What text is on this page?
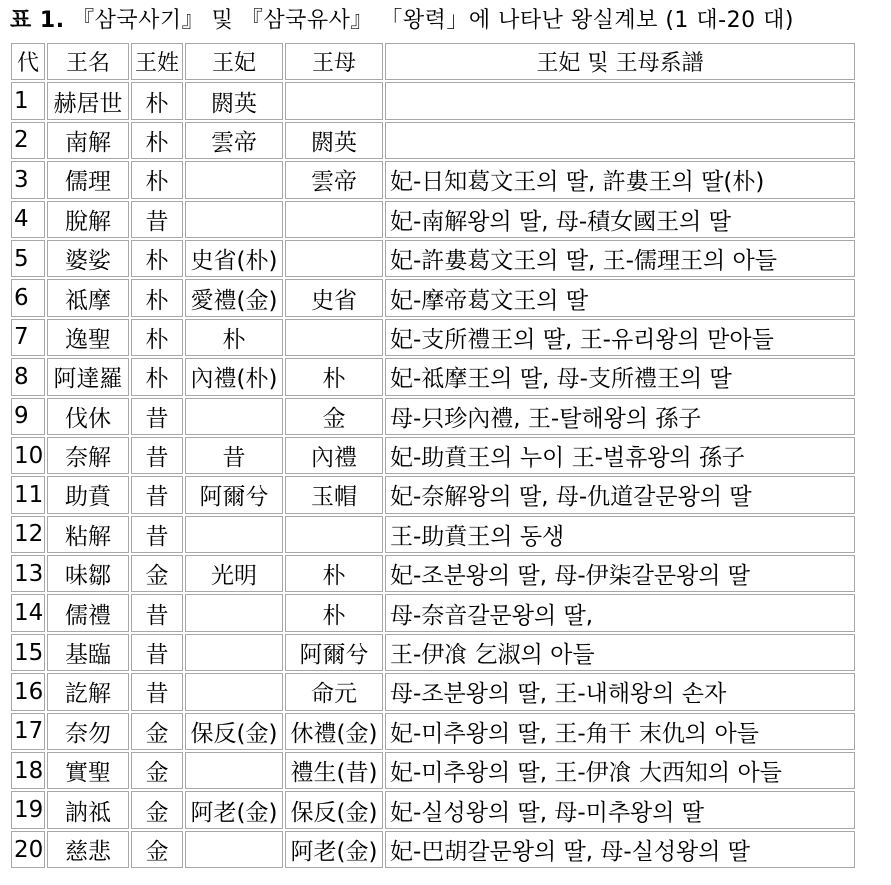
표 1. 『삼국사기』 및 『삼국유사』 「왕력」에 나타난 왕실계보 (1 대-20 대)
代	王名	王姓	王妃	王母	王妃 및 王母系譜
1	赫居世	朴	閼英		
2	南解	朴	雲帝	閼英	
3	儒理	朴		雲帝	妃-日知葛文王의 딸, 許婁王의 딸(朴)
4	脫解	昔			妃-南解왕의 딸, 母-積女國王의 딸
5	婆娑	朴	史省(朴)		妃-許婁葛文王의 딸, 王-儒理王의 아들
6	祗摩	朴	愛禮(金)	史省	妃-摩帝葛文王의 딸
7	逸聖	朴	朴		妃-支所禮王의 딸, 王-유리왕의 맏아들
8	阿達羅	朴	內禮(朴)	朴	妃-祗摩王의 딸, 母-支所禮王의 딸
9	伐休	昔		金	母-只珍內禮, 王-탈해왕의 孫子
10	奈解	昔	昔	內禮	妃-助賁王의 누이 王-벌휴왕의 孫子
11	助賁	昔	阿爾兮	玉帽	妃-奈解왕의 딸, 母-仇道갈문왕의 딸
12	粘解	昔			王-助賁王의 동생
13	味鄒	金	光明	朴	妃-조분왕의 딸, 母-伊柒갈문왕의 딸
14	儒禮	昔		朴	母-奈音갈문왕의 딸,
15	基臨	昔		阿爾兮	王-伊飡 乞淑의 아들
16	訖解	昔		命元	母-조분왕의 딸, 王-내해왕의 손자
17	奈勿	金	保反(金)	休禮(金)	妃-미추왕의 딸, 王-角干 末仇의 아들
18	實聖	金		禮生(昔)	妃-미추왕의 딸, 王-伊飡 大西知의 아들
19	訥祗	金	阿老(金)	保反(金)	妃-실성왕의 딸, 母-미추왕의 딸
20	慈悲	金		阿老(金)	妃-巴胡갈문왕의 딸, 母-실성왕의 딸
